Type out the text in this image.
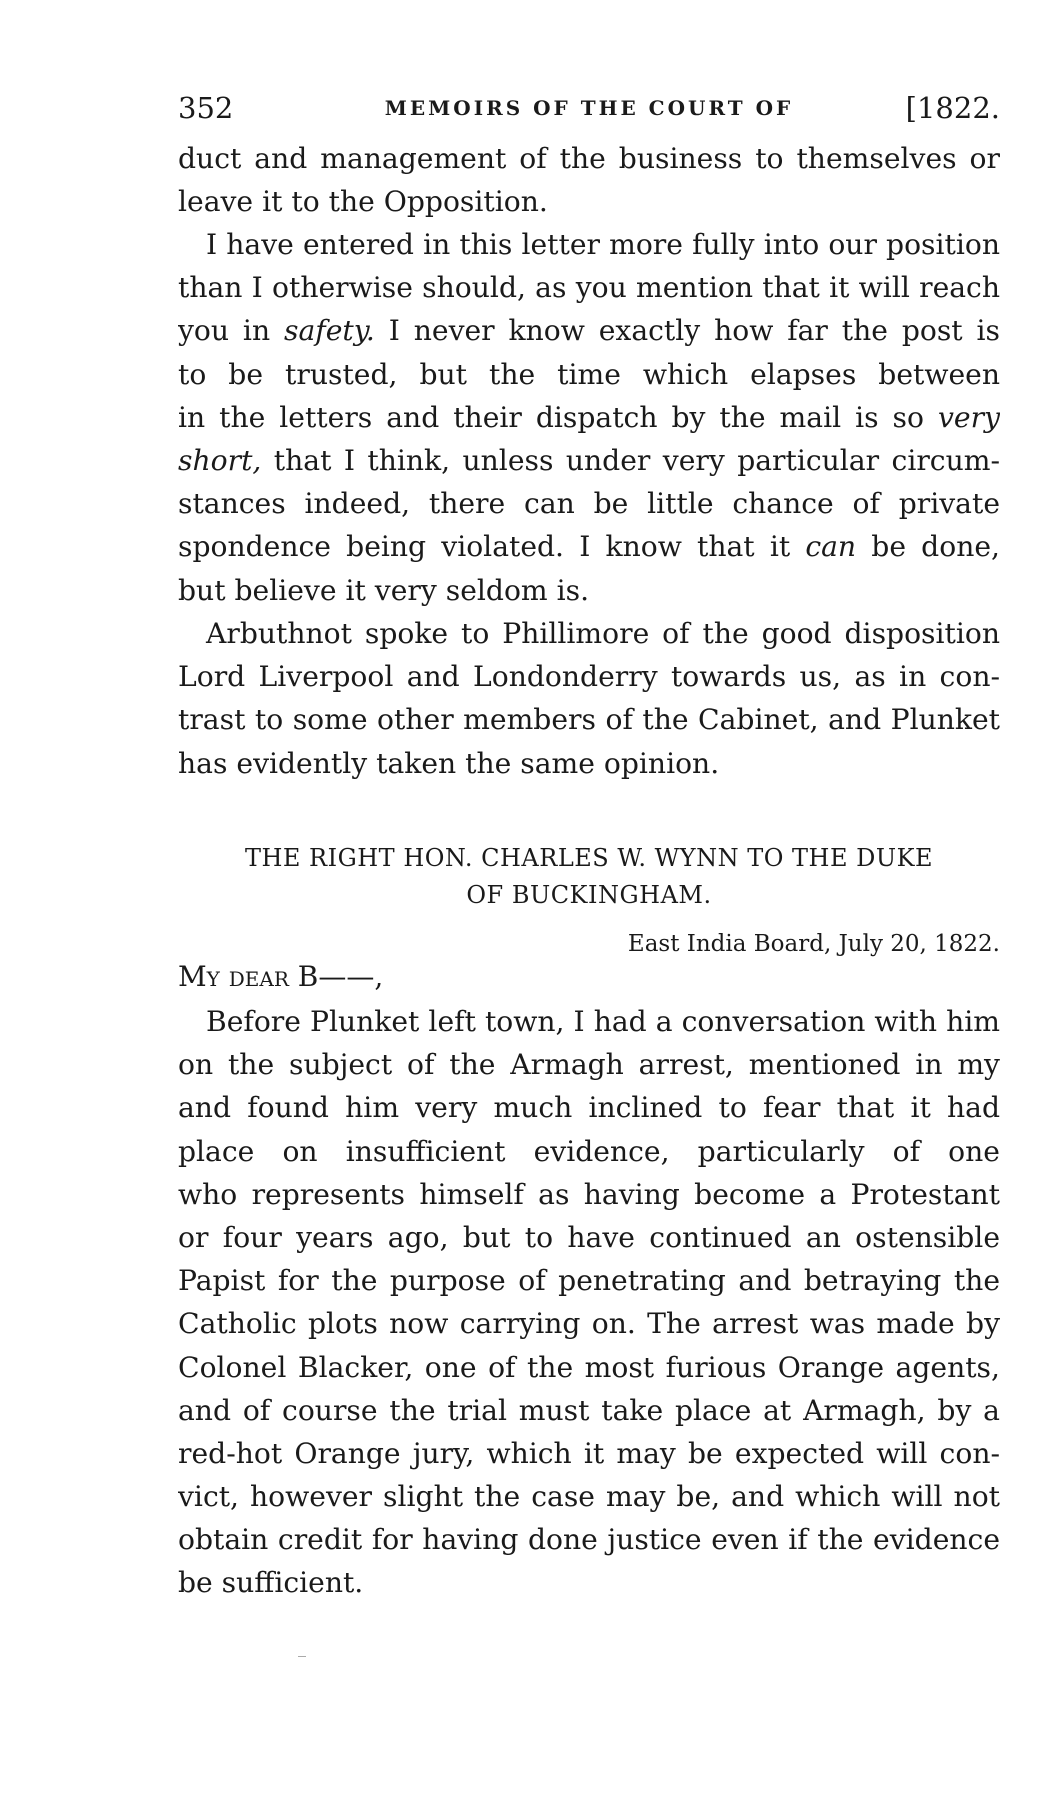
352	MEMOIRS OF THE COURT OF	[1822.
duct and management of the business to themselves or
leave it to the Opposition.
I have entered in this letter more fully into our position
than I otherwise should, as you mention that it will reach
you in safety. I never know exactly how far the post is
to be trusted, but the time which elapses between
in the letters and their dispatch by the mail is so very
short, that I think, unless under very particular circum-
stances indeed, there can be little chance of private
spondence being violated. I know that it can be done,
but believe it very seldom is.
Arbuthnot spoke to Phillimore of the good disposition
Lord Liverpool and Londonderry towards us, as in con-
trast to some other members of the Cabinet, and Plunket
has evidently taken the same opinion.
THE RIGHT HON. CHARLES W. WYNN TO THE DUKE
OF BUCKINGHAM.
East India Board, July 20, 1822.
My dear B——,
Before Plunket left town, I had a conversation with him
on the subject of the Armagh arrest, mentioned in my
and found him very much inclined to fear that it had
place on insufficient evidence, particularly of one
who represents himself as having become a Protestant
or four years ago, but to have continued an ostensible
Papist for the purpose of penetrating and betraying the
Catholic plots now carrying on. The arrest was made by
Colonel Blacker, one of the most furious Orange agents,
and of course the trial must take place at Armagh, by a
red-hot Orange jury, which it may be expected will con-
vict, however slight the case may be, and which will not
obtain credit for having done justice even if the evidence
be sufficient.
